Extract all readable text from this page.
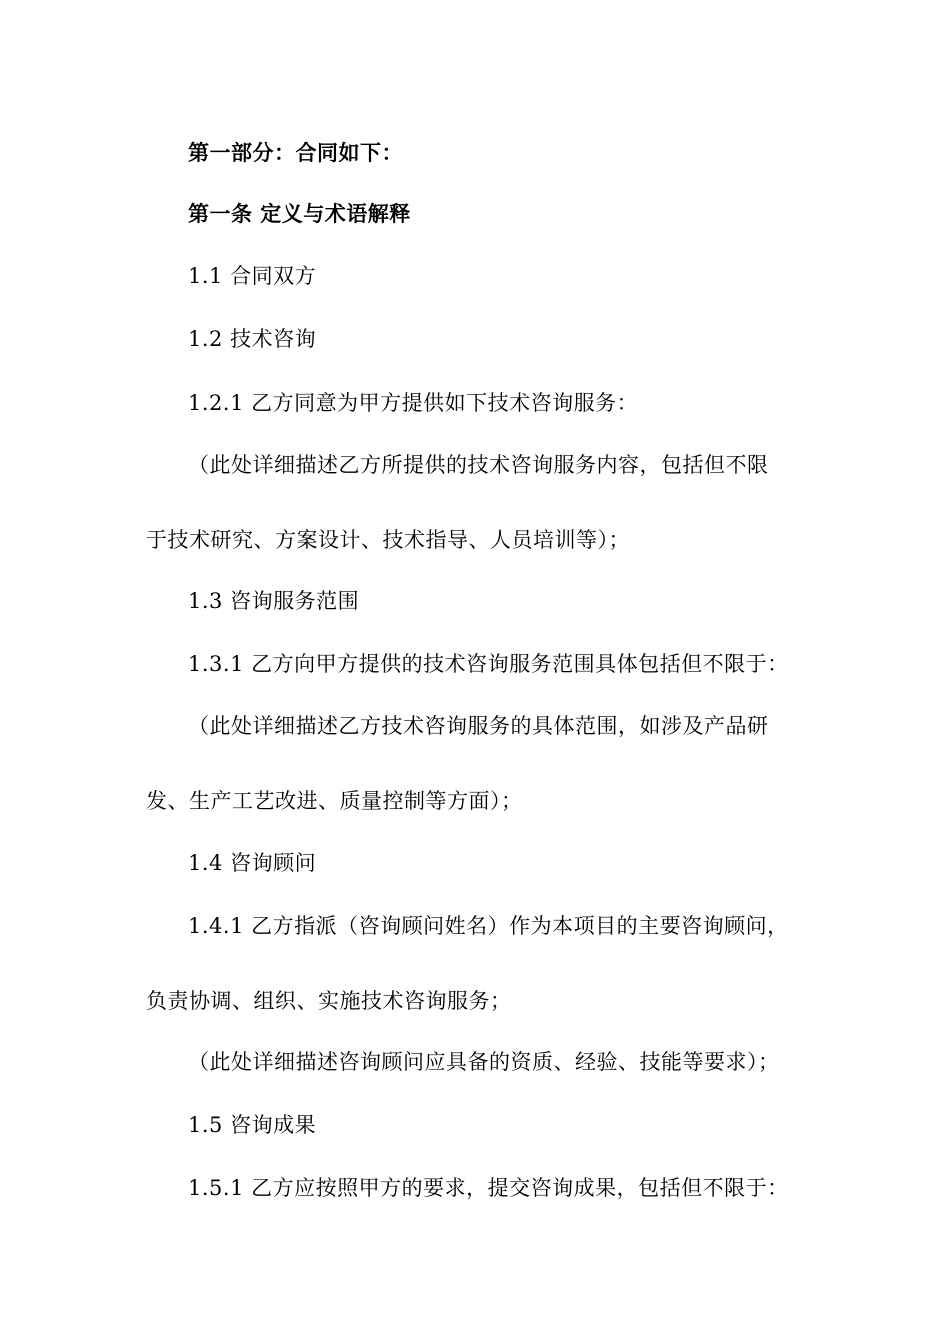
第一部分：合同如下：
第一条 定义与术语解释
1.1 合同双方
1.2 技术咨询
1.2.1 乙方同意为甲方提供如下技术咨询服务：
（此处详细描述乙方所提供的技术咨询服务内容，包括但不限
于技术研究、方案设计、技术指导、人员培训等）；
1.3 咨询服务范围
1.3.1 乙方向甲方提供的技术咨询服务范围具体包括但不限于：
（此处详细描述乙方技术咨询服务的具体范围，如涉及产品研
发、生产工艺改进、质量控制等方面）；
1.4 咨询顾问
1.4.1 乙方指派（咨询顾问姓名）作为本项目的主要咨询顾问，
负责协调、组织、实施技术咨询服务；
（此处详细描述咨询顾问应具备的资质、经验、技能等要求）；
1.5 咨询成果
1.5.1 乙方应按照甲方的要求，提交咨询成果，包括但不限于：
